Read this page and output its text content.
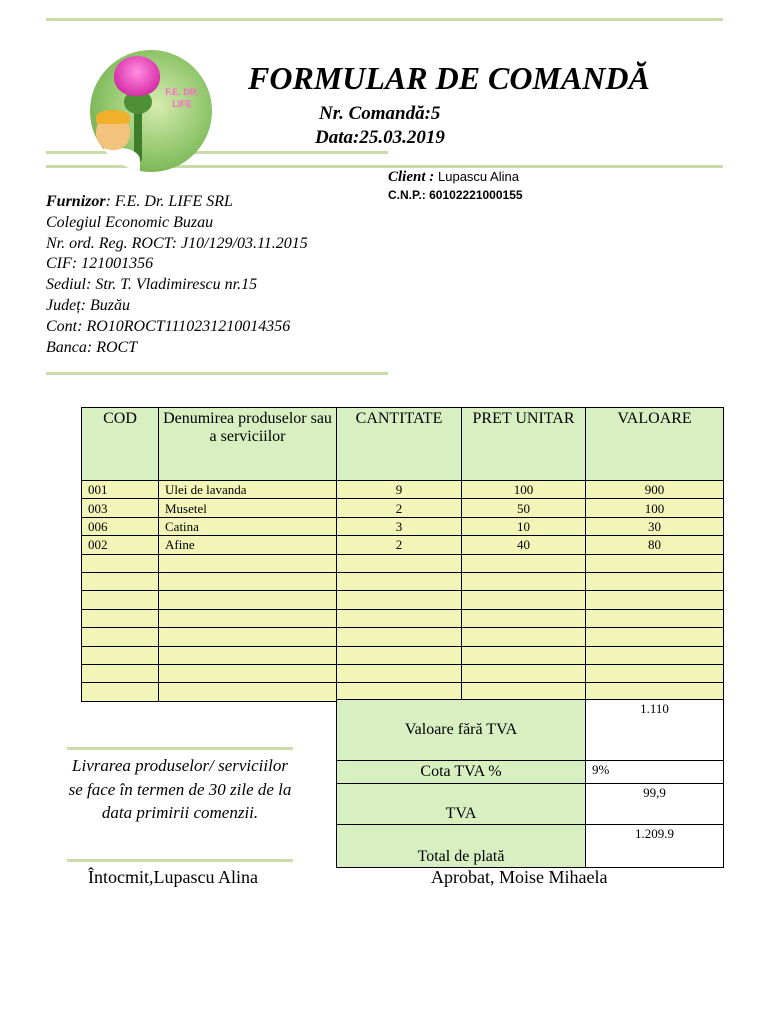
F.E. DR.
LIFE
FORMULAR DE COMANDĂ
Nr. Comandă:5
Data:25.03.2019
Client : Lupascu Alina
C.N.P.: 60102221000155
Furnizor: F.E. Dr. LIFE SRL
Colegiul Economic Buzau
Nr. ord. Reg. ROCT: J10/129/03.11.2015
CIF: 121001356
Sediul: Str. T. Vladimirescu nr.15
Județ: Buzău
Cont: RO10ROCT1110231210014356
Banca: ROCT
COD	Denumirea produselor sau a serviciilor	CANTITATE	PRET UNITAR	VALOARE
001	Ulei de lavanda	9	100	900
003	Musetel	2	50	100
006	Catina	3	10	30
002	Afine	2	40	80

Valoare fără TVA	1.110
Cota TVA %	9%
TVA	99,9
Total de plată	1.209.9
Livrarea produselor/ serviciilor se face în termen de 30 zile de la data primirii comenzii.
Întocmit,Lupascu Alina	Aprobat, Moise Mihaela
